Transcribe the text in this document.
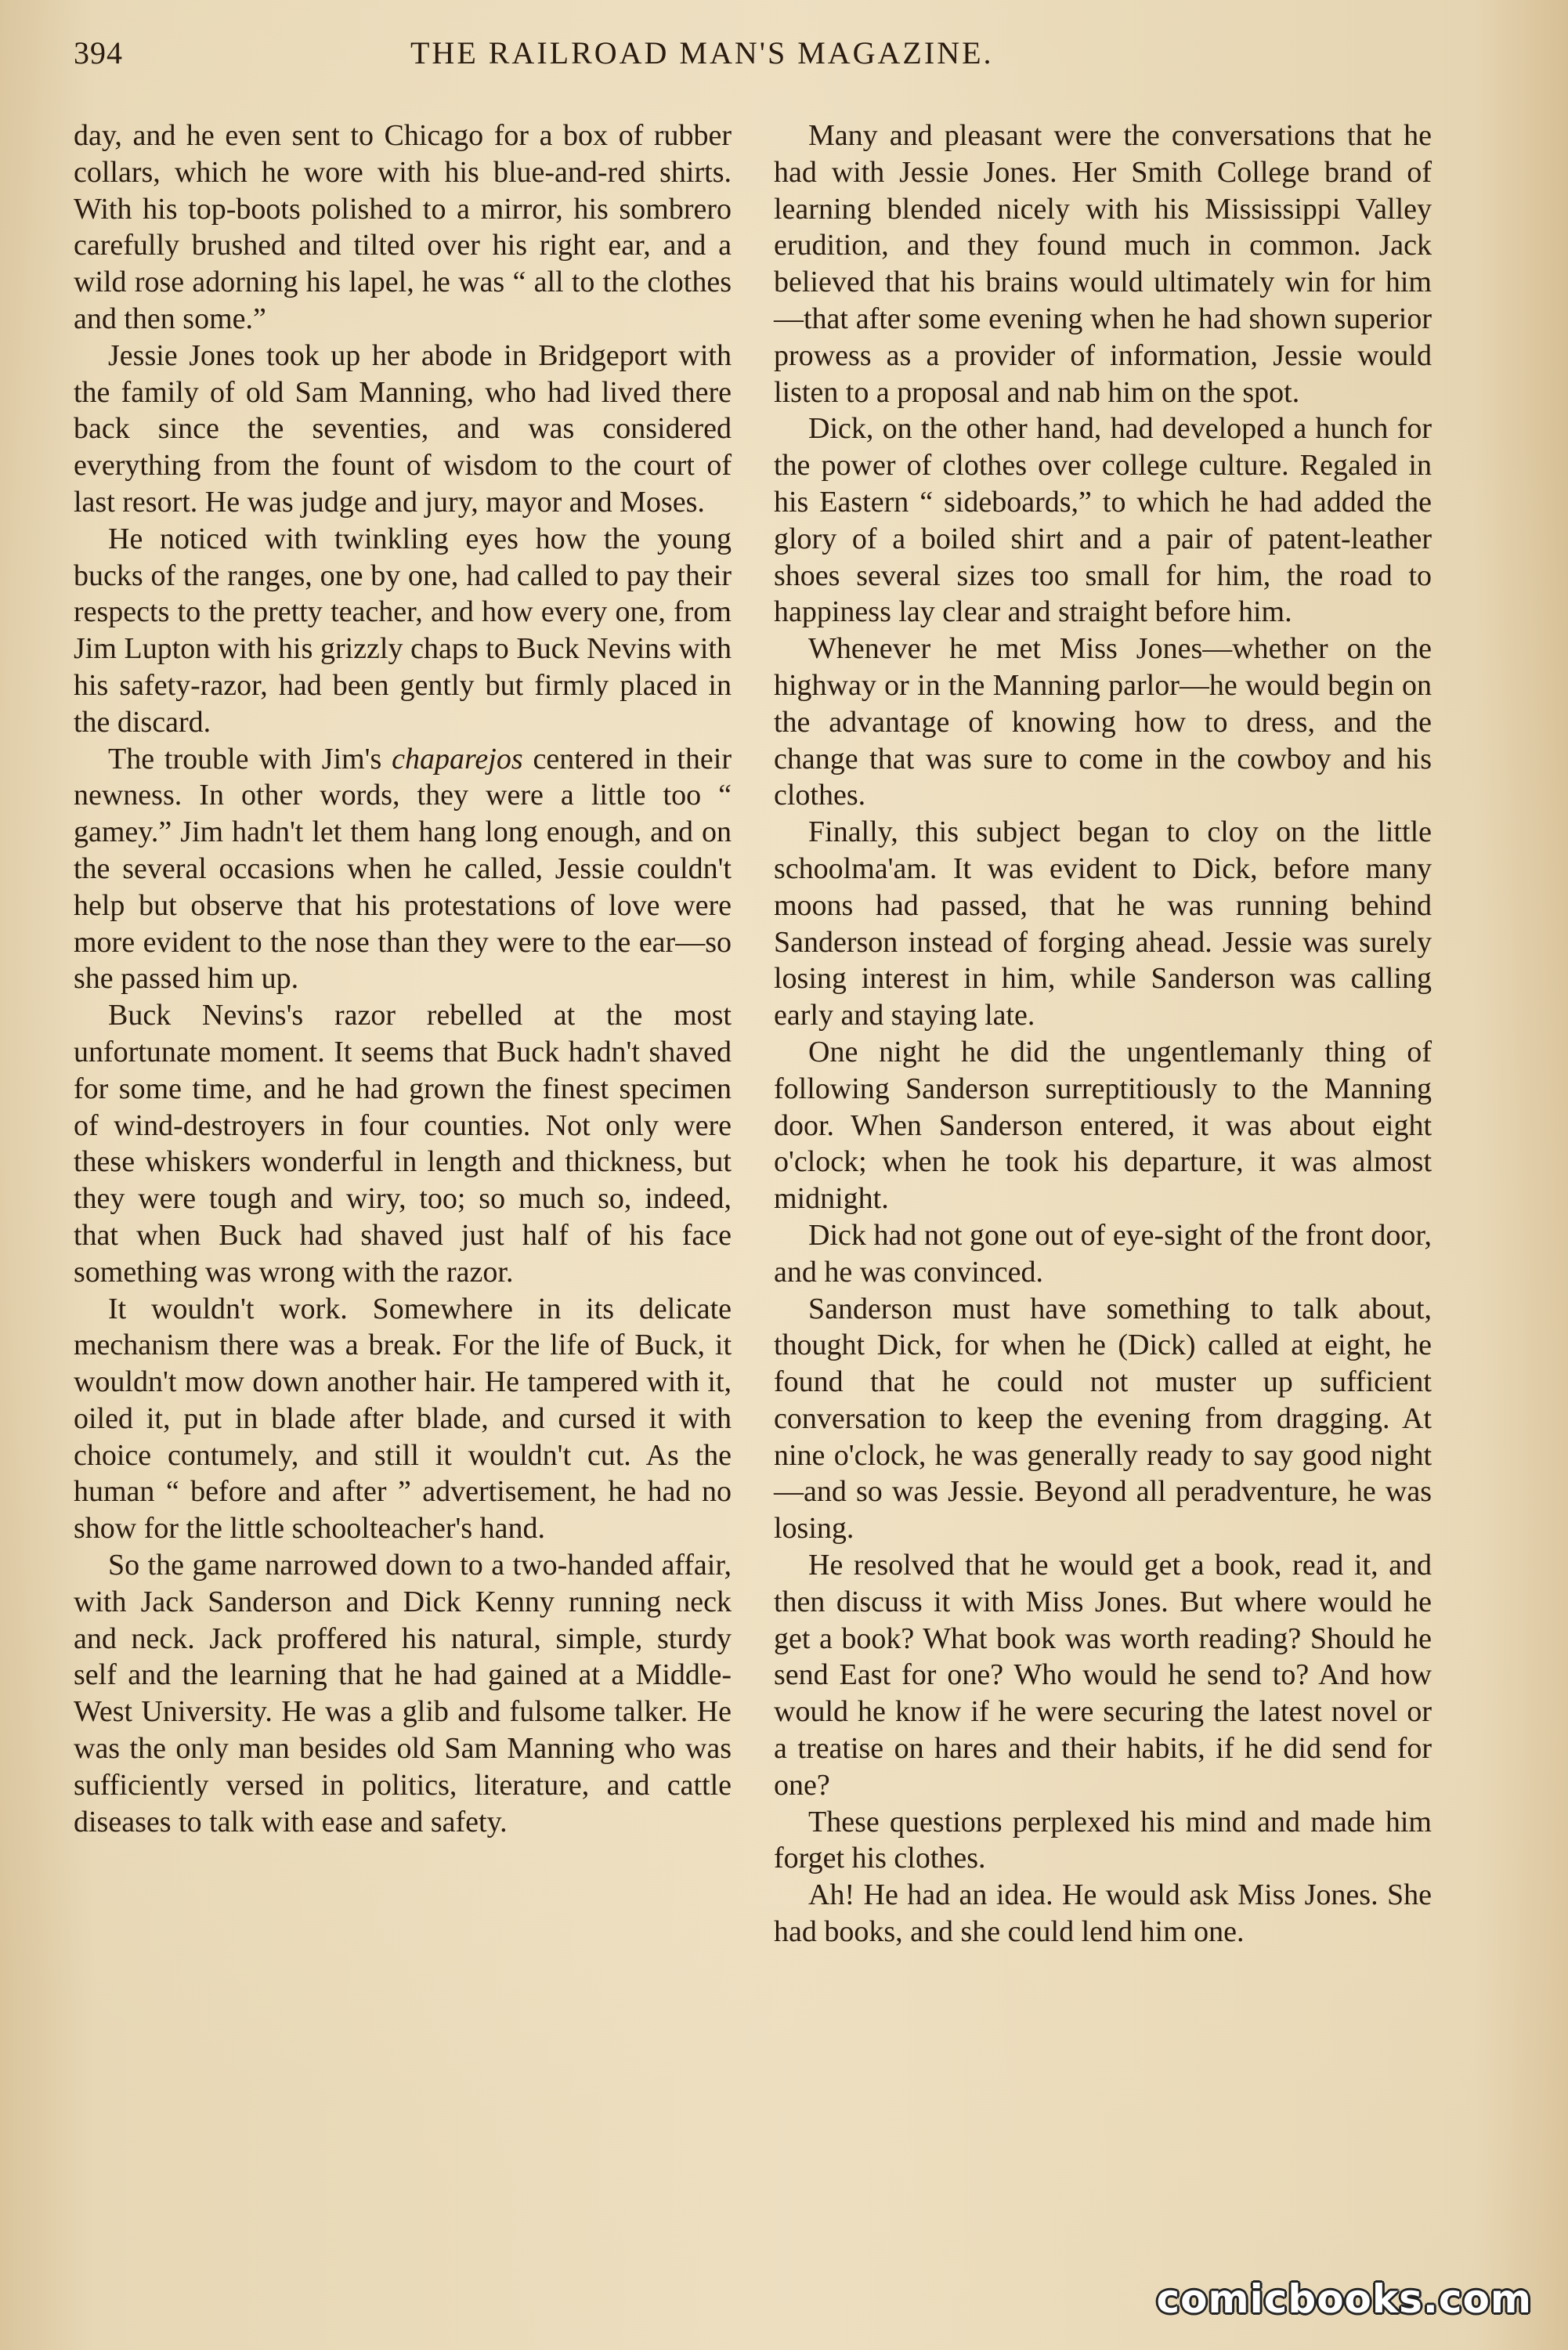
394	THE RAILROAD MAN'S MAGAZINE.

day, and he even sent to Chicago for a box of rubber collars, which he wore with his blue-and-red shirts. With his top-boots polished to a mirror, his sombrero carefully brushed and tilted over his right ear, and a wild rose adorning his lapel, he was “ all to the clothes and then some.”

Jessie Jones took up her abode in Bridgeport with the family of old Sam Manning, who had lived there back since the seventies, and was considered everything from the fount of wisdom to the court of last resort. He was judge and jury, mayor and Moses.

He noticed with twinkling eyes how the young bucks of the ranges, one by one, had called to pay their respects to the pretty teacher, and how every one, from Jim Lupton with his grizzly chaps to Buck Nevins with his safety-razor, had been gently but firmly placed in the discard.

The trouble with Jim's chaparejos centered in their newness. In other words, they were a little too “ gamey.” Jim hadn't let them hang long enough, and on the several occasions when he called, Jessie couldn't help but observe that his protestations of love were more evident to the nose than they were to the ear—so she passed him up.

Buck Nevins's razor rebelled at the most unfortunate moment. It seems that Buck hadn't shaved for some time, and he had grown the finest specimen of wind-destroyers in four counties. Not only were these whiskers wonderful in length and thickness, but they were tough and wiry, too; so much so, indeed, that when Buck had shaved just half of his face something was wrong with the razor.

It wouldn't work. Somewhere in its delicate mechanism there was a break. For the life of Buck, it wouldn't mow down another hair. He tampered with it, oiled it, put in blade after blade, and cursed it with choice contumely, and still it wouldn't cut. As the human “ before and after ” advertisement, he had no show for the little schoolteacher's hand.

So the game narrowed down to a two-handed affair, with Jack Sanderson and Dick Kenny running neck and neck. Jack proffered his natural, simple, sturdy self and the learning that he had gained at a Middle-West University. He was a glib and fulsome talker. He was the only man besides old Sam Manning who was sufficiently versed in politics, literature, and cattle diseases to talk with ease and safety.

Many and pleasant were the conversations that he had with Jessie Jones. Her Smith College brand of learning blended nicely with his Mississippi Valley erudition, and they found much in common. Jack believed that his brains would ultimately win for him—that after some evening when he had shown superior prowess as a provider of information, Jessie would listen to a proposal and nab him on the spot.

Dick, on the other hand, had developed a hunch for the power of clothes over college culture. Regaled in his Eastern “ sideboards,” to which he had added the glory of a boiled shirt and a pair of patent-leather shoes several sizes too small for him, the road to happiness lay clear and straight before him.

Whenever he met Miss Jones—whether on the highway or in the Manning parlor—he would begin on the advantage of knowing how to dress, and the change that was sure to come in the cowboy and his clothes.

Finally, this subject began to cloy on the little schoolma'am. It was evident to Dick, before many moons had passed, that he was running behind Sanderson instead of forging ahead. Jessie was surely losing interest in him, while Sanderson was calling early and staying late.

One night he did the ungentlemanly thing of following Sanderson surreptitiously to the Manning door. When Sanderson entered, it was about eight o'clock; when he took his departure, it was almost midnight.

Dick had not gone out of eye-sight of the front door, and he was convinced.

Sanderson must have something to talk about, thought Dick, for when he (Dick) called at eight, he found that he could not muster up sufficient conversation to keep the evening from dragging. At nine o'clock, he was generally ready to say good night—and so was Jessie. Beyond all peradventure, he was losing.

He resolved that he would get a book, read it, and then discuss it with Miss Jones. But where would he get a book? What book was worth reading? Should he send East for one? Who would he send to? And how would he know if he were securing the latest novel or a treatise on hares and their habits, if he did send for one?

These questions perplexed his mind and made him forget his clothes.

Ah! He had an idea. He would ask Miss Jones. She had books, and she could lend him one.

comicbooks.com
